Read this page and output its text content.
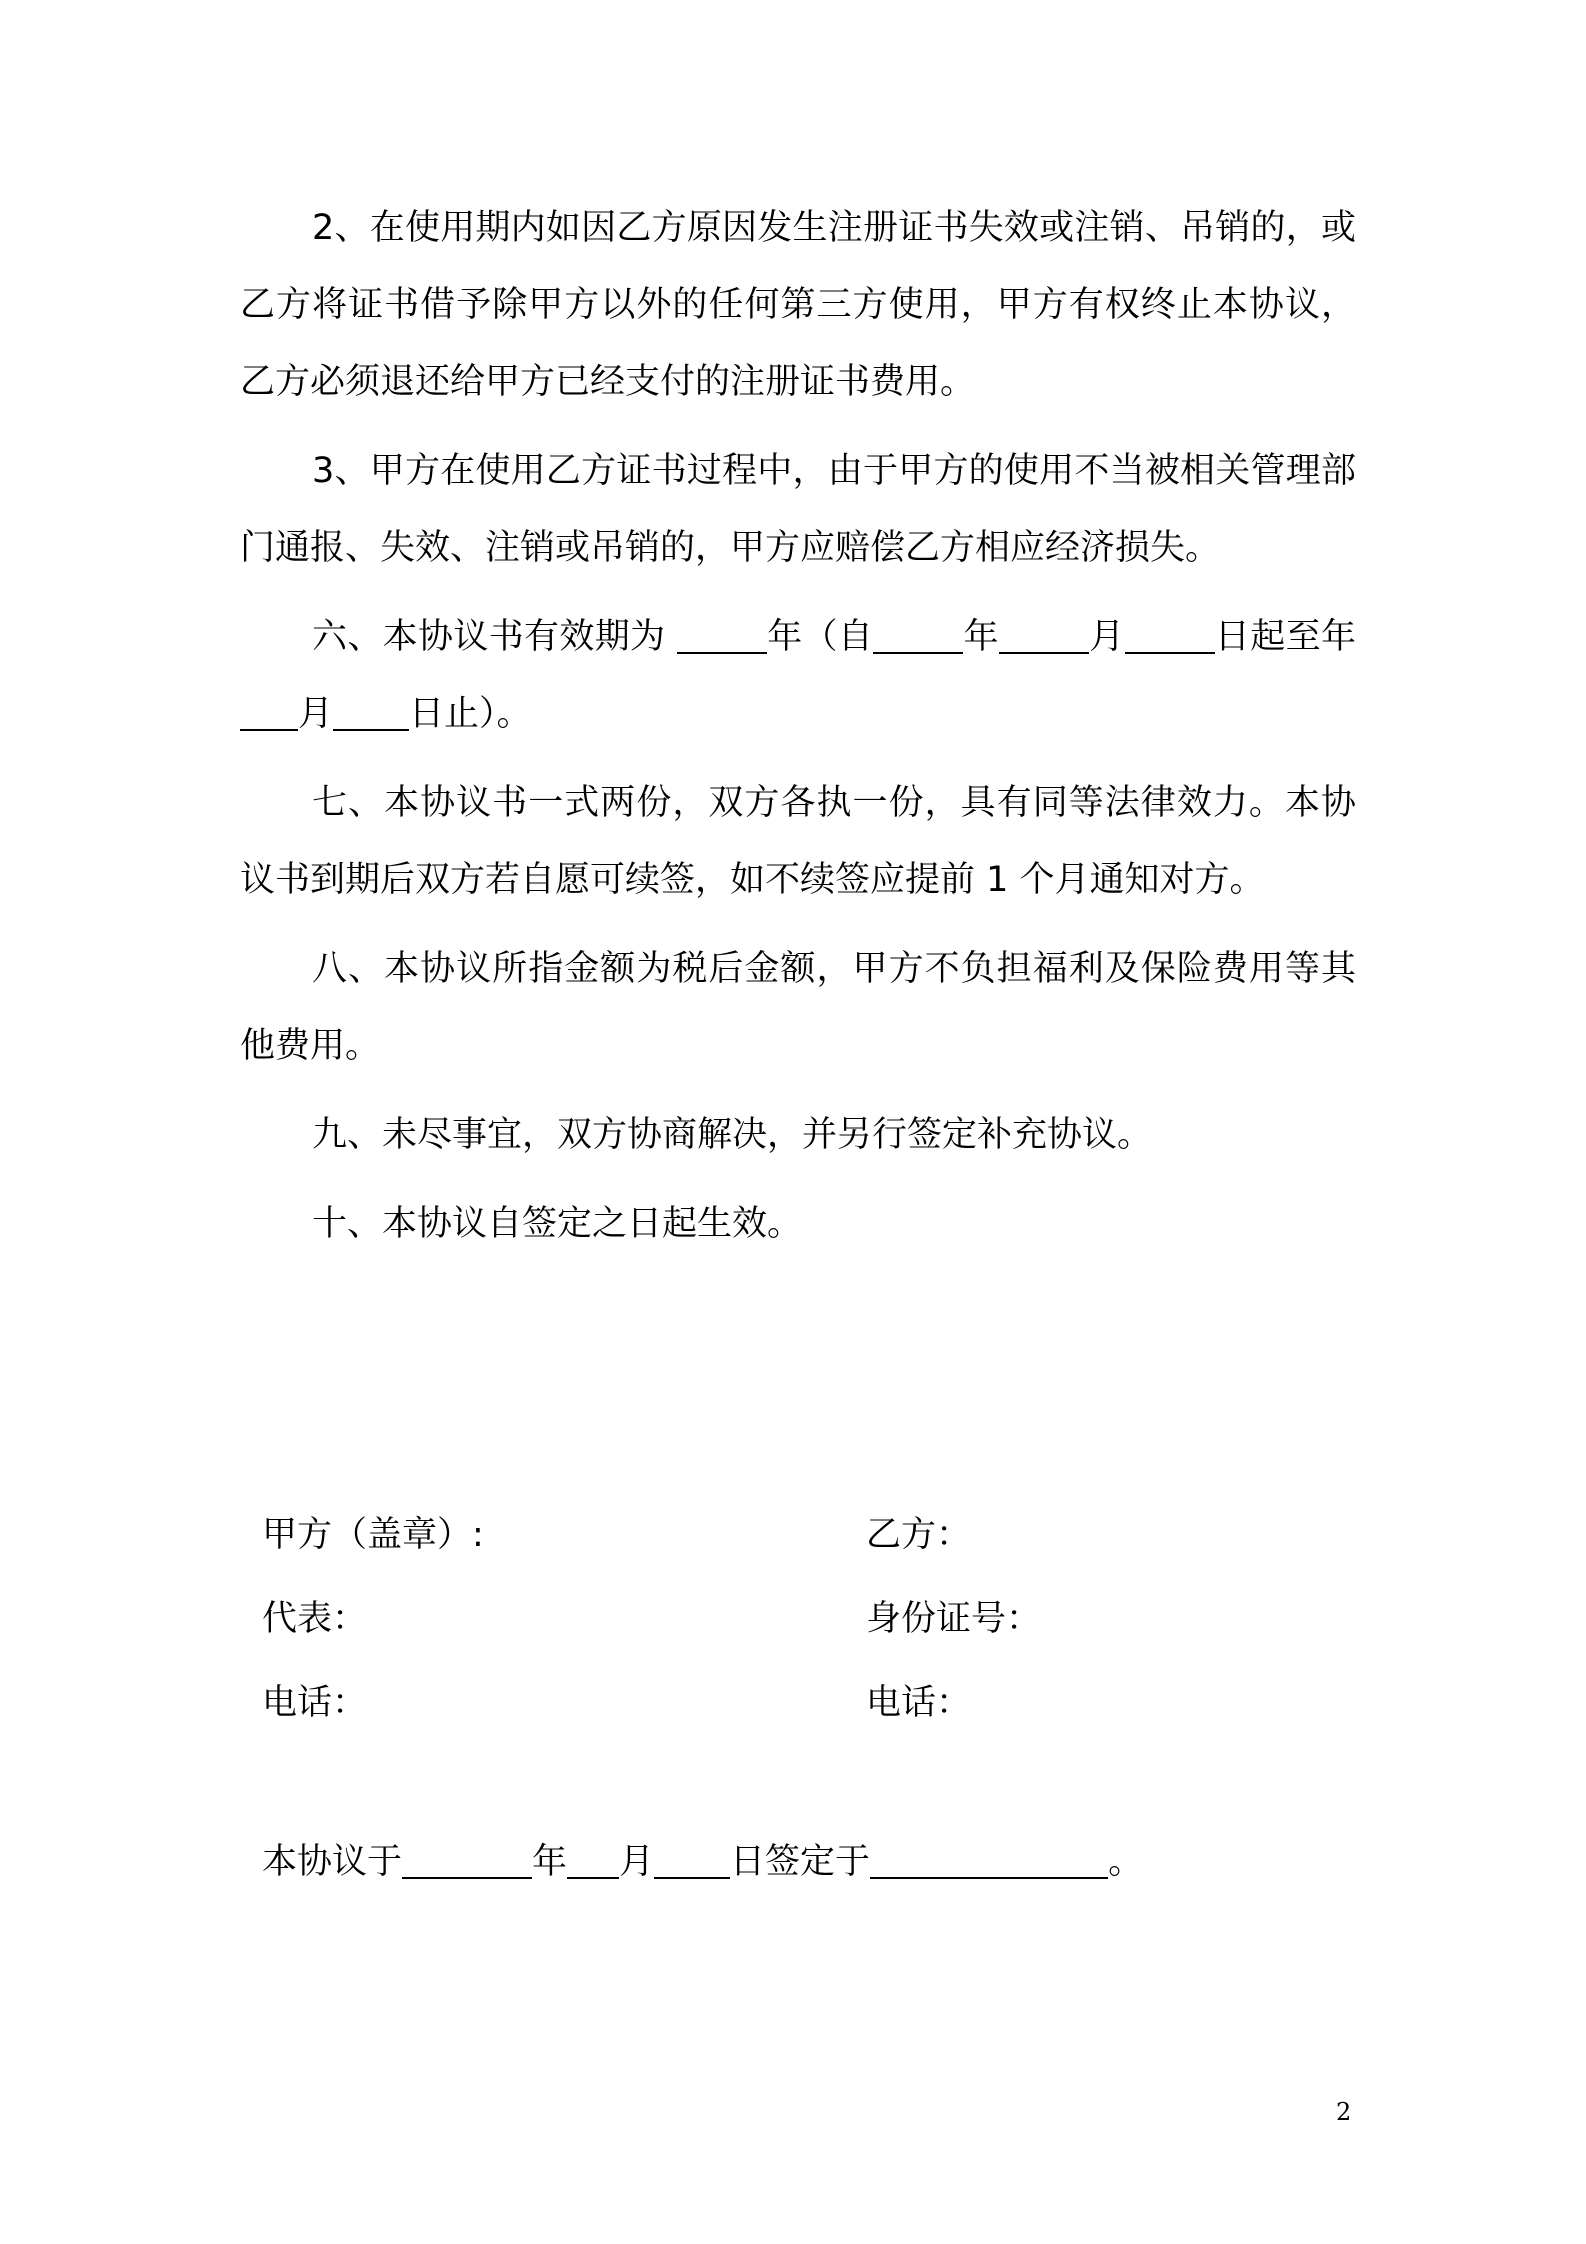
2、在使用期内如因乙方原因发生注册证书失效或注销、吊销的，或乙方将证书借予除甲方以外的任何第三方使用，甲方有权终止本协议，乙方必须退还给甲方已经支付的注册证书费用。

3、甲方在使用乙方证书过程中，由于甲方的使用不当被相关管理部门通报、失效、注销或吊销的，甲方应赔偿乙方相应经济损失。

六、本协议书有效期为	年（自	年	月	日起至年月 日止）。

七、本协议书一式两份，双方各执一份，具有同等法律效力。本协议书到期后双方若自愿可续签，如不续签应提前 1 个月通知对方。

八、本协议所指金额为税后金额，甲方不负担福利及保险费用等其他费用。

九、未尽事宜，双方协商解决，并另行签定补充协议。

十、本协议自签定之日起生效。

甲方（盖章）:	乙方：
代表：	身份证号：
电话：	电话：
本协议于	年 月 日签定于	。
2
